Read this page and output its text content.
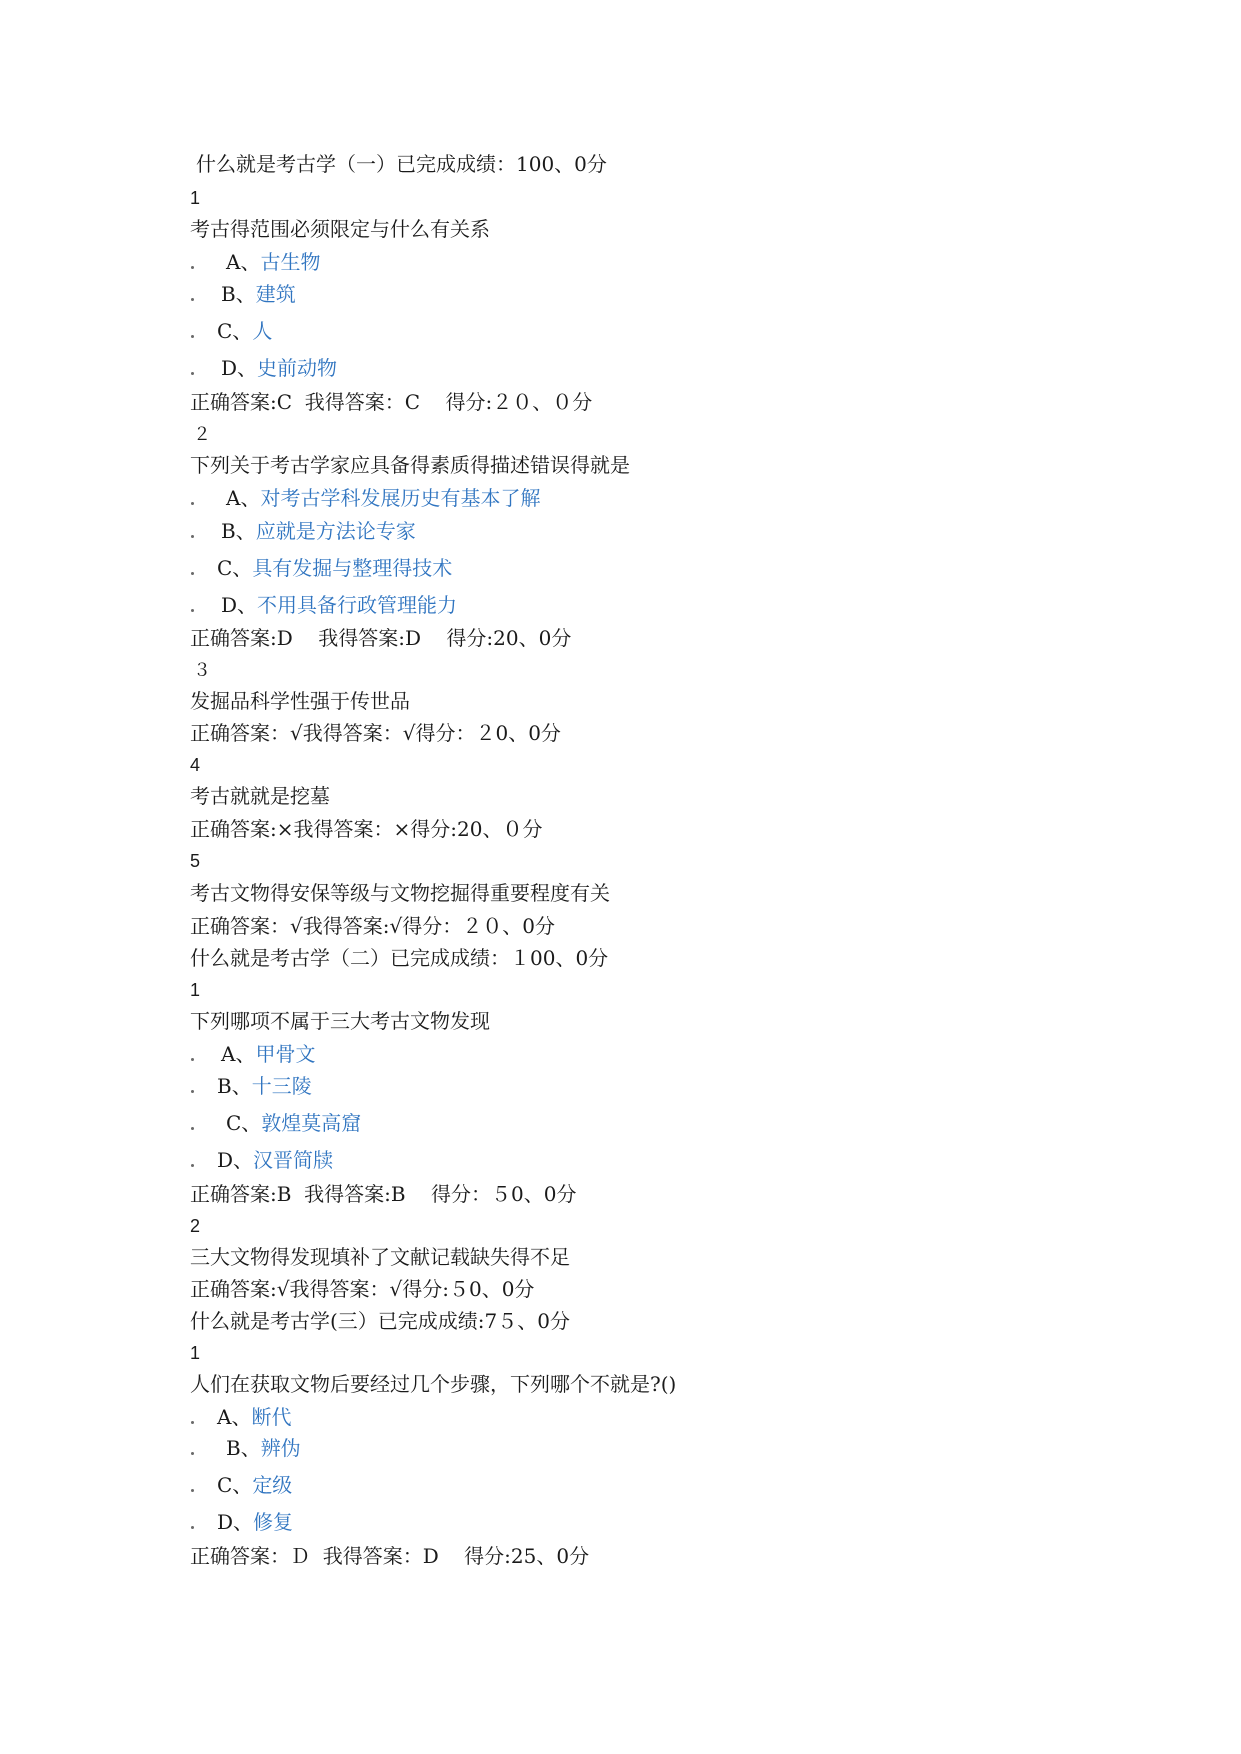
什么就是考古学（一）已完成成绩：100、0分
1
考古得范围必须限定与什么有关系
A、古生物
B、建筑
C、人
D、史前动物
正确答案:C  我得答案：C    得分:２０、０分
２
下列关于考古学家应具备得素质得描述错误得就是
A、对考古学科发展历史有基本了解
B、应就是方法论专家
C、具有发掘与整理得技术
D、不用具备行政管理能力
正确答案:D    我得答案:D    得分:20、0分
３
发掘品科学性强于传世品
正确答案：√我得答案：√得分：２0、0分
4
考古就就是挖墓
正确答案:×我得答案：×得分:20、０分
5
考古文物得安保等级与文物挖掘得重要程度有关
正确答案：√我得答案:√得分：２０、0分
什么就是考古学（二）已完成成绩：１00、0分
1
下列哪项不属于三大考古文物发现
A、甲骨文
B、十三陵
C、敦煌莫高窟
D、汉晋简牍
正确答案:B  我得答案:B    得分：５0、0分
2
三大文物得发现填补了文献记载缺失得不足
正确答案:√我得答案：√得分:５0、0分
什么就是考古学(三）已完成成绩:7５、0分
1
人们在获取文物后要经过几个步骤，下列哪个不就是?()
A、断代
B、辨伪
C、定级
D、修复
正确答案：Ｄ  我得答案：D    得分:25、0分
